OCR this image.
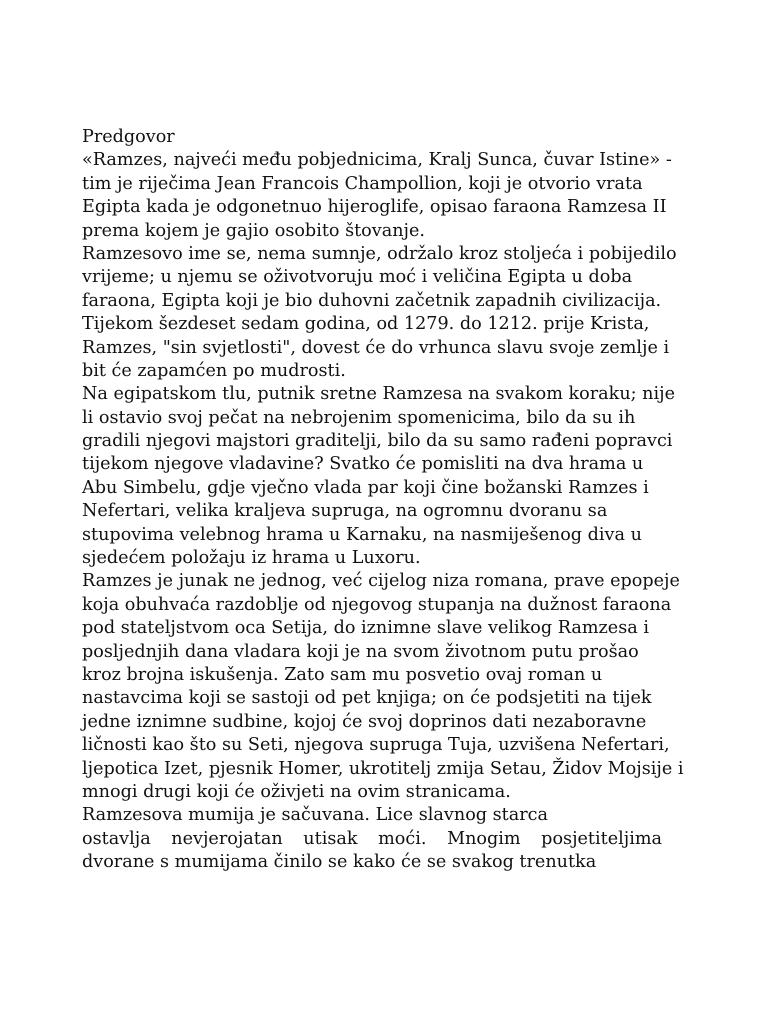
Predgovor
«Ramzes, najveći među pobjednicima, Kralj Sunca, čuvar Istine» -
tim je riječima Jean Francois Champollion, koji je otvorio vrata
Egipta kada je odgonetnuo hijeroglife, opisao faraona Ramzesa II
prema kojem je gajio osobito štovanje.
Ramzesovo ime se, nema sumnje, održalo kroz stoljeća i pobijedilo
vrijeme; u njemu se oživotvoruju moć i veličina Egipta u doba
faraona, Egipta koji je bio duhovni začetnik zapadnih civilizacija.
Tijekom šezdeset sedam godina, od 1279. do 1212. prije Krista,
Ramzes, "sin svjetlosti", dovest će do vrhunca slavu svoje zemlje i
bit će zapamćen po mudrosti.
Na egipatskom tlu, putnik sretne Ramzesa na svakom koraku; nije
li ostavio svoj pečat na nebrojenim spomenicima, bilo da su ih
gradili njegovi majstori graditelji, bilo da su samo rađeni popravci
tijekom njegove vladavine? Svatko će pomisliti na dva hrama u
Abu Simbelu, gdje vječno vlada par koji čine božanski Ramzes i
Nefertari, velika kraljeva supruga, na ogromnu dvoranu sa
stupovima velebnog hrama u Karnaku, na nasmiješenog diva u
sjedećem položaju iz hrama u Luxoru.
Ramzes je junak ne jednog, već cijelog niza romana, prave epopeje
koja obuhvaća razdoblje od njegovog stupanja na dužnost faraona
pod stateljstvom oca Setija, do iznimne slave velikog Ramzesa i
posljednjih dana vladara koji je na svom životnom putu prošao
kroz brojna iskušenja. Zato sam mu posvetio ovaj roman u
nastavcima koji se sastoji od pet knjiga; on će podsjetiti na tijek
jedne iznimne sudbine, kojoj će svoj doprinos dati nezaboravne
ličnosti kao što su Seti, njegova supruga Tuja, uzvišena Nefertari,
ljepotica Izet, pjesnik Homer, ukrotitelj zmija Setau, Židov Mojsije i
mnogi drugi koji će oživjeti na ovim stranicama.
Ramzesova mumija je sačuvana. Lice slavnog starca
ostavlja nevjerojatan utisak moći. Mnogim posjetiteljima
dvorane s mumijama činilo se kako će se svakog trenutka
